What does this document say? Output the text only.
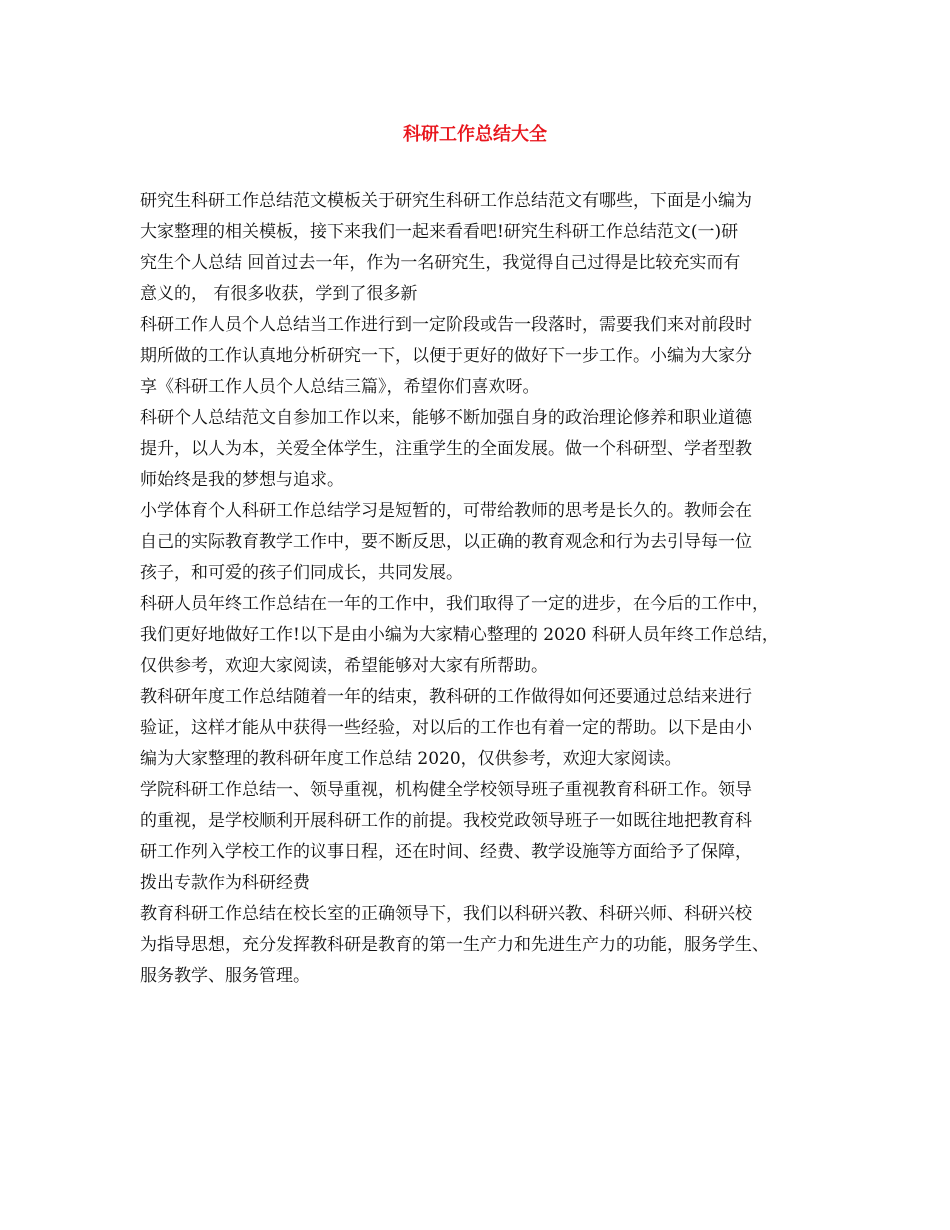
科研工作总结大全
研究生科研工作总结范文模板关于研究生科研工作总结范文有哪些，下面是小编为
大家整理的相关模板，接下来我们一起来看看吧!研究生科研工作总结范文(一)研
究生个人总结 回首过去一年，作为一名研究生，我觉得自己过得是比较充实而有
意义的， 有很多收获，学到了很多新
科研工作人员个人总结当工作进行到一定阶段或告一段落时，需要我们来对前段时
期所做的工作认真地分析研究一下，以便于更好的做好下一步工作。小编为大家分
享《科研工作人员个人总结三篇》，希望你们喜欢呀。
科研个人总结范文自参加工作以来，能够不断加强自身的政治理论修养和职业道德
提升，以人为本，关爱全体学生，注重学生的全面发展。做一个科研型、学者型教
师始终是我的梦想与追求。
小学体育个人科研工作总结学习是短暂的，可带给教师的思考是长久的。教师会在
自己的实际教育教学工作中，要不断反思，以正确的教育观念和行为去引导每一位
孩子，和可爱的孩子们同成长，共同发展。
科研人员年终工作总结在一年的工作中，我们取得了一定的进步，在今后的工作中，
我们更好地做好工作!以下是由小编为大家精心整理的 2020 科研人员年终工作总结，
仅供参考，欢迎大家阅读，希望能够对大家有所帮助。
教科研年度工作总结随着一年的结束，教科研的工作做得如何还要通过总结来进行
验证，这样才能从中获得一些经验，对以后的工作也有着一定的帮助。以下是由小
编为大家整理的教科研年度工作总结 2020，仅供参考，欢迎大家阅读。
学院科研工作总结一、领导重视，机构健全学校领导班子重视教育科研工作。领导
的重视，是学校顺利开展科研工作的前提。我校党政领导班子一如既往地把教育科
研工作列入学校工作的议事日程，还在时间、经费、教学设施等方面给予了保障，
拨出专款作为科研经费
教育科研工作总结在校长室的正确领导下，我们以科研兴教、科研兴师、科研兴校
为指导思想，充分发挥教科研是教育的第一生产力和先进生产力的功能，服务学生、
服务教学、服务管理。
